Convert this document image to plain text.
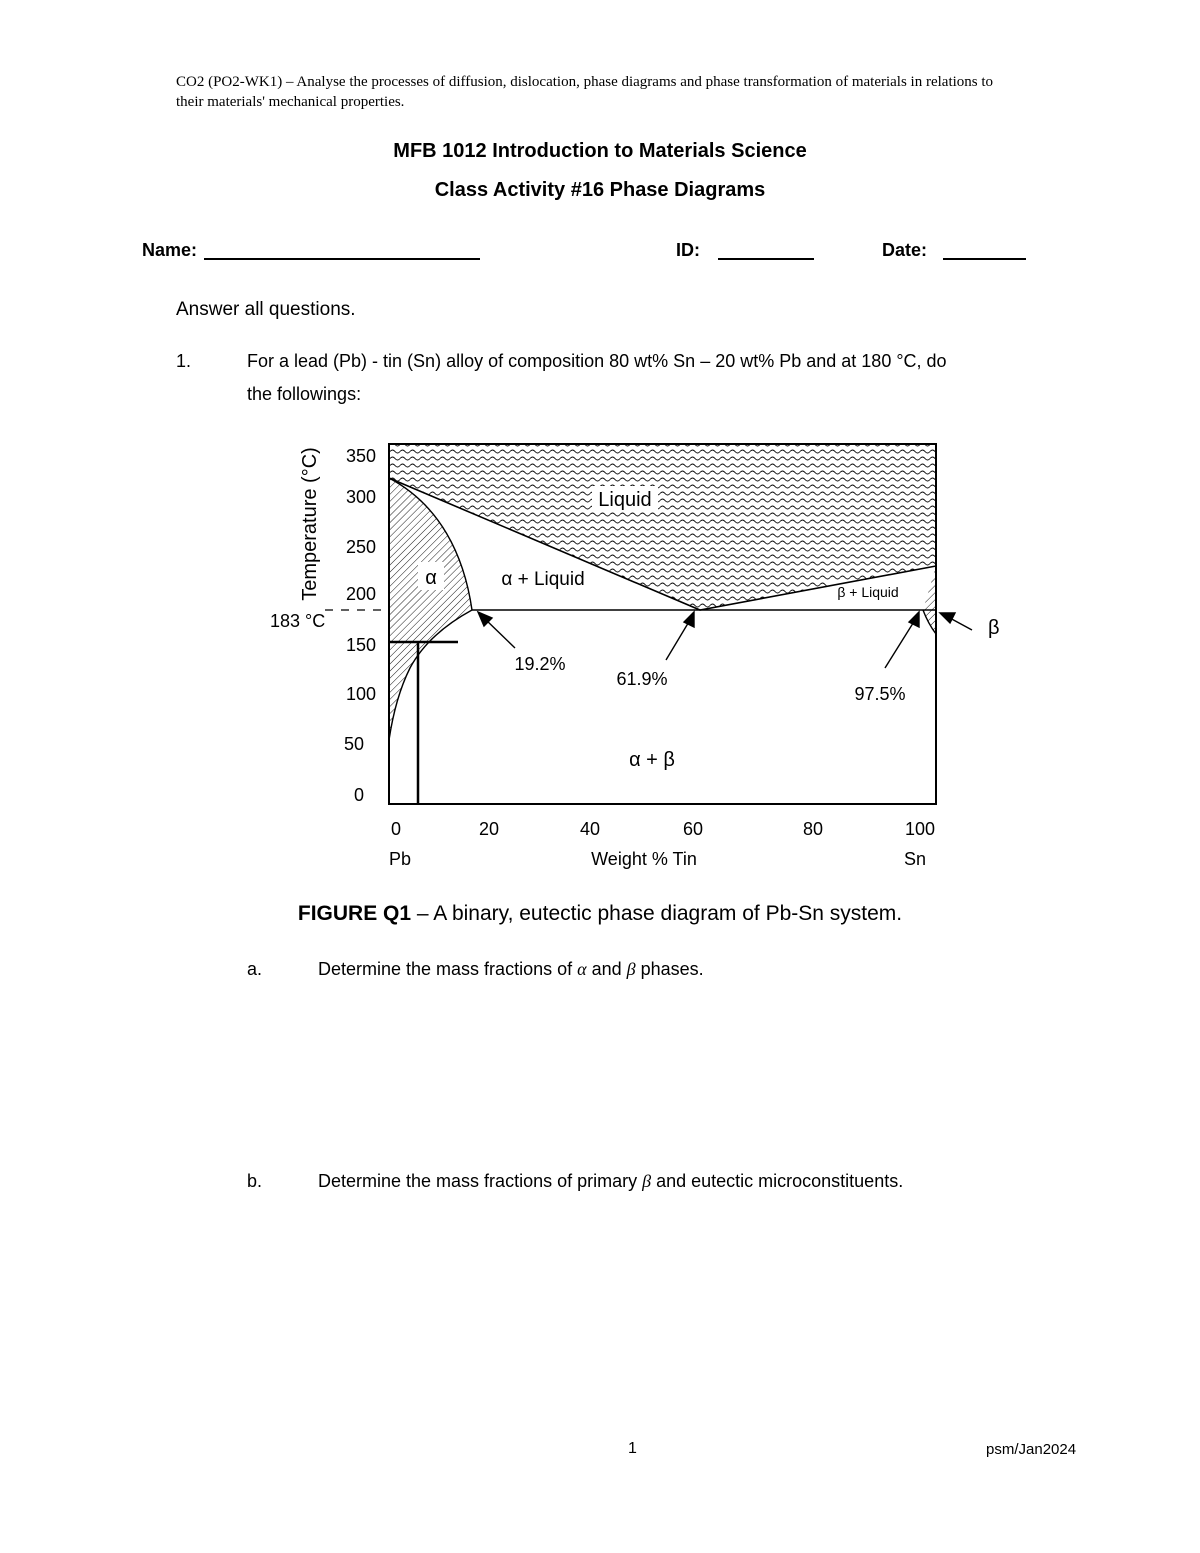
CO2 (PO2-WK1) – Analyse the processes of diffusion, dislocation, phase diagrams and phase transformation of materials in relations to their materials' mechanical properties.
MFB 1012 Introduction to Materials Science
Class Activity #16 Phase Diagrams
Name:	ID:	Date:
Answer all questions.
1.	For a lead (Pb) - tin (Sn) alloy of composition 80 wt% Sn – 20 wt% Pb and at 180 °C, do
the followings:
350
300
250
200
150
100
50
0
183 °C
0	20	40	60	80	100
Pb	Weight % Tin	Sn
Temperature (°C)	Liquid
α	α + Liquid
β + Liquid
β
α + β
19.2%
61.9%
97.5%
FIGURE Q1 – A binary, eutectic phase diagram of Pb-Sn system.
a.	Determine the mass fractions of α and β phases.
b.	Determine the mass fractions of primary β and eutectic microconstituents.
1	psm/Jan2024
